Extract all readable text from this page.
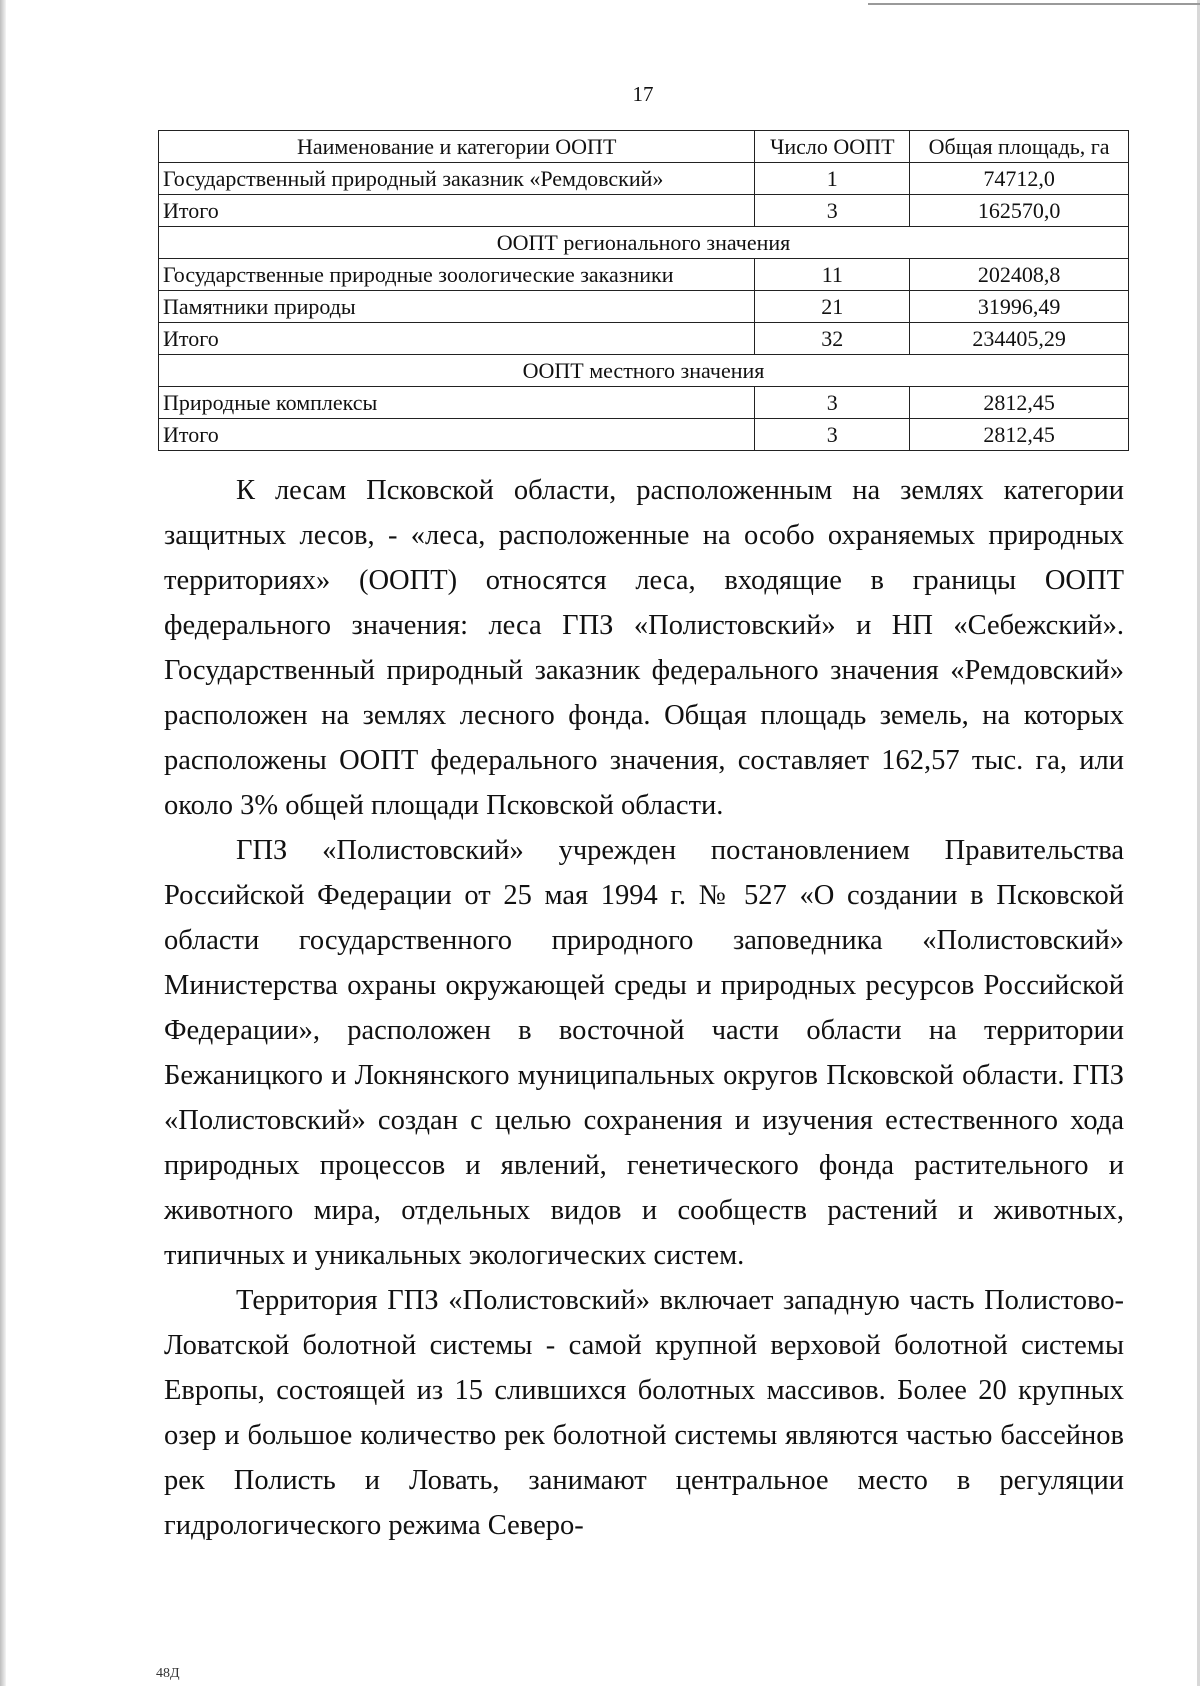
17
Наименование и категории ООПТ	Число ООПТ	Общая площадь, га
Государственный природный заказник «Ремдовский»	1	74712,0
Итого	3	162570,0
ООПТ регионального значения		
Государственные природные зоологические заказники	11	202408,8
Памятники природы	21	31996,49
Итого	32	234405,29
ООПТ местного значения		
Природные комплексы	3	2812,45
Итого	3	2812,45

К лесам Псковской области, расположенным на землях категории защитных лесов, - «леса, расположенные на особо охраняемых природных территориях» (ООПТ) относятся леса, входящие в границы ООПТ федерального значения: леса ГПЗ «Полистовский» и НП «Себежский». Государственный природный заказник федерального значения «Ремдовский» расположен на землях лесного фонда. Общая площадь земель, на которых расположены ООПТ федерального значения, составляет 162,57 тыс. га, или около 3% общей площади Псковской области.

ГПЗ «Полистовский» учрежден постановлением Правительства Российской Федерации от 25 мая 1994 г. № 527 «О создании в Псковской области государственного природного заповедника «Полистовский» Министерства охраны окружающей среды и природных ресурсов Российской Федерации», расположен в восточной части области на территории Бежаницкого и Локнянского муниципальных округов Псковской области. ГПЗ «Полистовский» создан с целью сохранения и изучения естественного хода природных процессов и явлений, генетического фонда растительного и животного мира, отдельных видов и сообществ растений и животных, типичных и уникальных экологических систем.

Территория ГПЗ «Полистовский» включает западную часть Полистово-Ловатской болотной системы - самой крупной верховой болотной системы Европы, состоящей из 15 слившихся болотных массивов. Более 20 крупных озер и большое количество рек болотной системы являются частью бассейнов рек Полисть и Ловать, занимают центральное место в регуляции гидрологического режима Северо-

48Д
